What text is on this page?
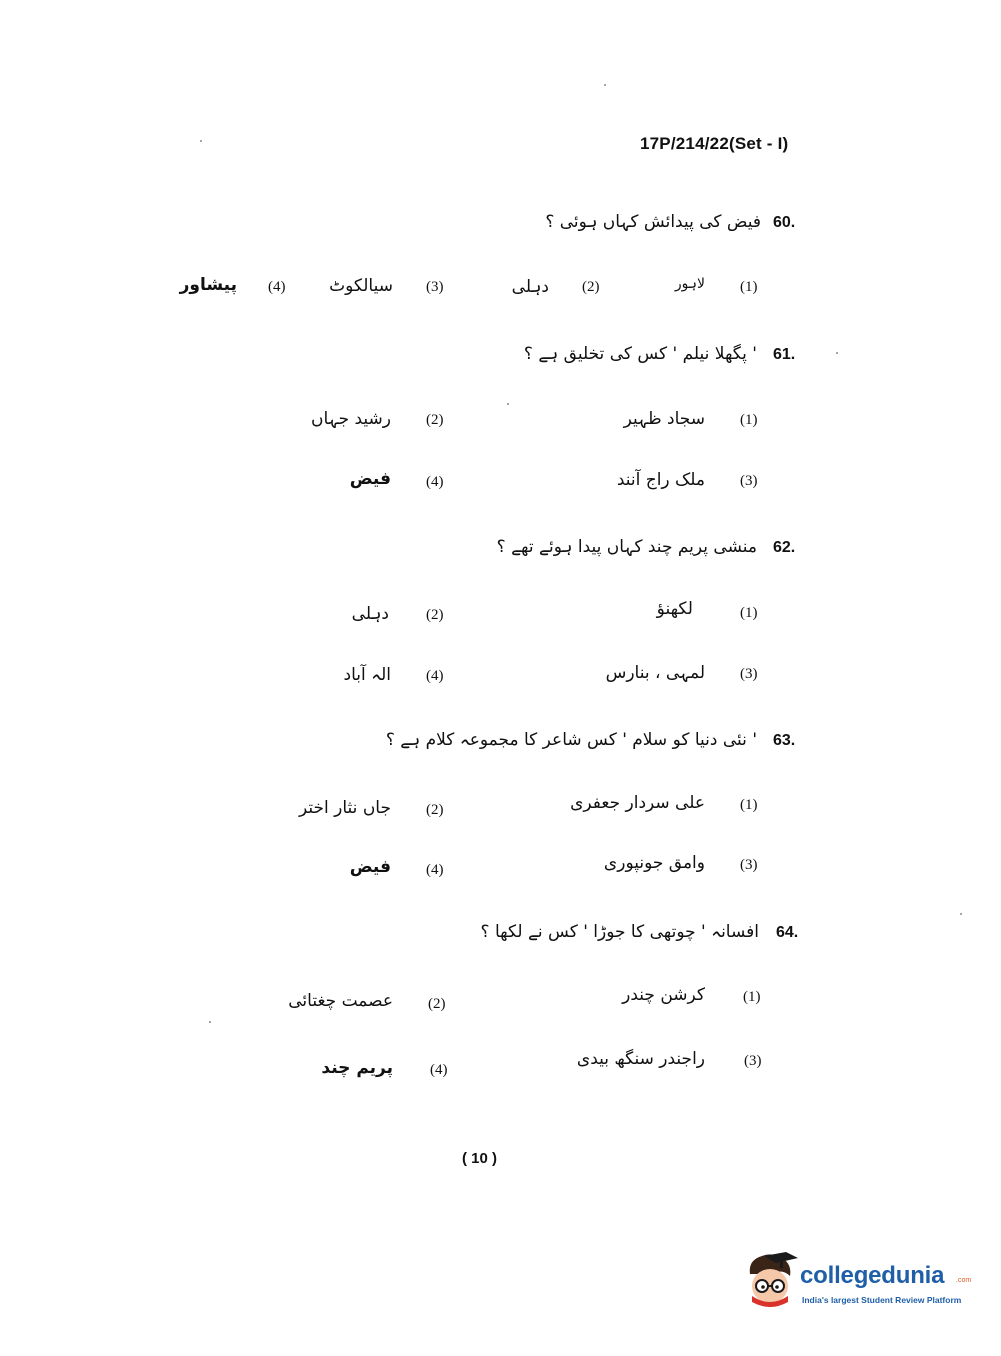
17P/214/22(Set - I)
60.
فیض کی پیدائش کہاں ہوئی ؟
(1)
لاہور
(2)
دہلی
(3)
سیالکوٹ
(4)
پیشاور
61.
' پگھلا نیلم ' کس کی تخلیق ہے ؟
(1)
سجاد ظہیر
(2)
رشید جہاں
(3)
ملک راج آنند
(4)
فیض
62.
منشی پریم چند کہاں پیدا ہوئے تھے ؟
(1)
لکھنؤ
(2)
دہلی
(3)
لمہی ، بنارس
(4)
الہ آباد
63.
' نئی دنیا کو سلام ' کس شاعر کا مجموعہ کلام ہے ؟
(1)
علی سردار جعفری
(2)
جاں نثار اختر
(3)
وامق جونپوری
(4)
فیض
64.
افسانہ ' چوتھی کا جوڑا ' کس نے لکھا ؟
(1)
کرشن چندر
(2)
عصمت چغتائی
(3)
راجندر سنگھ بیدی
(4)
پریم چند
( 10 )
collegedunia .com
India's largest Student Review Platform
